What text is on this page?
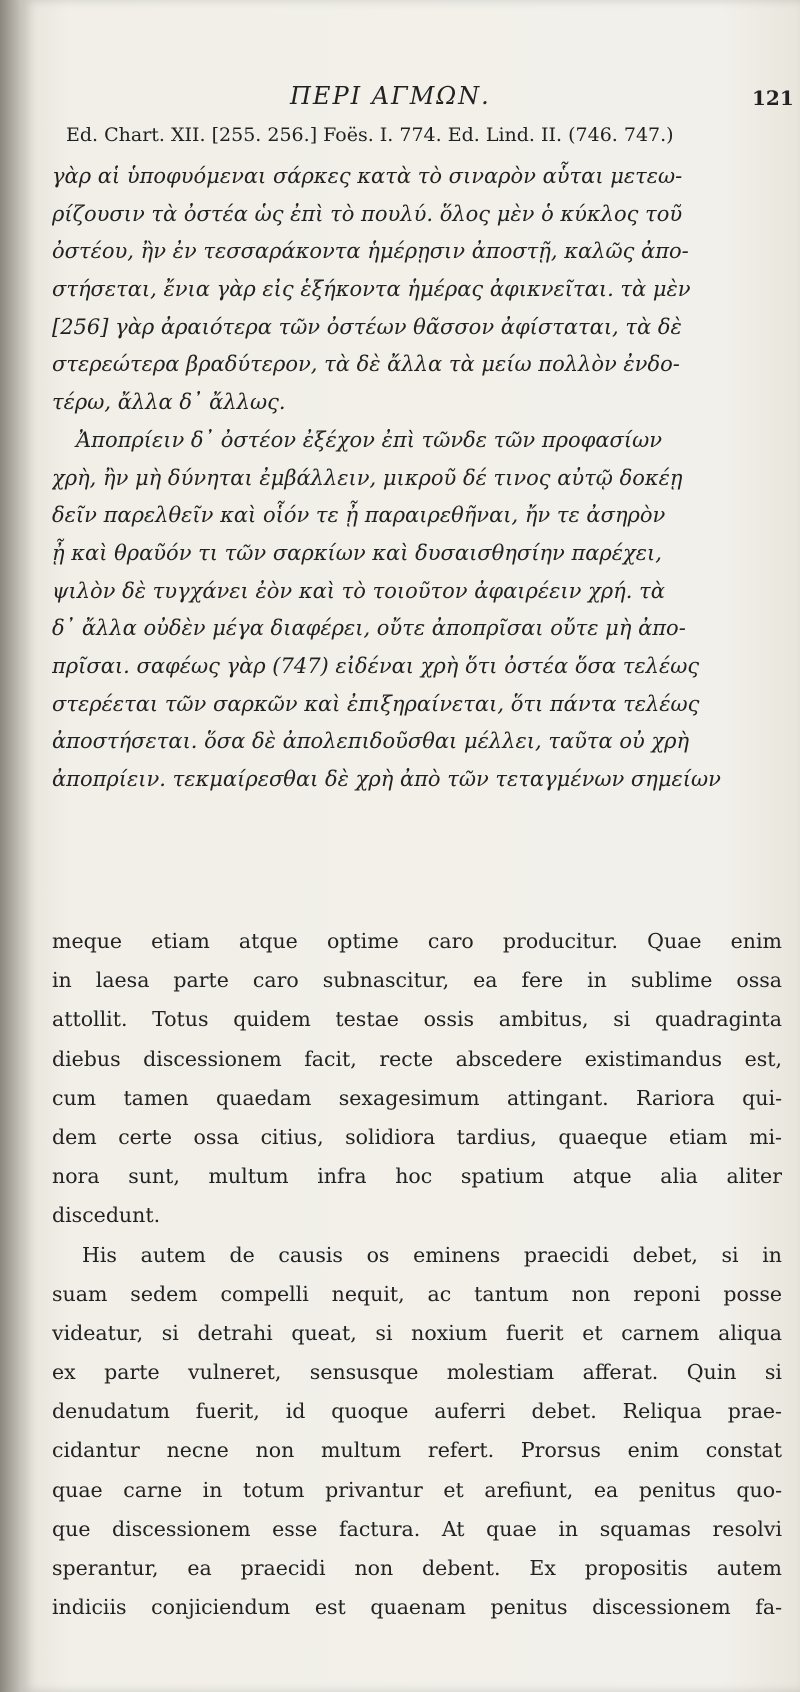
ΠΕΡΙ ΑΓΜΩΝ.	121
Ed. Chart. XII. [255. 256.] Foës. I. 774. Ed. Lind. II. (746. 747.)
γὰρ αἱ ὑποφυόμεναι σάρκες κατὰ τὸ σιναρὸν αὗται μετεω-
ρίζουσιν τὰ ὀστέα ὡς ἐπὶ τὸ πουλύ. ὅλος μὲν ὁ κύκλος τοῦ
ὀστέου, ἢν ἐν τεσσαράκοντα ἡμέρῃσιν ἀποστῇ, καλῶς ἀπο-
στήσεται, ἔνια γὰρ εἰς ἑξήκοντα ἡμέρας ἀφικνεῖται. τὰ μὲν
[256] γὰρ ἀραιότερα τῶν ὀστέων θᾶσσον ἀφίσταται, τὰ δὲ
στερεώτερα βραδύτερον, τὰ δὲ ἄλλα τὰ μείω πολλὸν ἐνδο-
τέρω, ἄλλα δ᾽ ἄλλως.
Ἀποπρίειν δ᾽ ὀστέον ἐξέχον ἐπὶ τῶνδε τῶν προφασίων
χρὴ, ἢν μὴ δύνηται ἐμβάλλειν, μικροῦ δέ τινος αὐτῷ δοκέῃ
δεῖν παρελθεῖν καὶ οἷόν τε ᾖ παραιρεθῆναι, ἤν τε ἀσηρὸν
ᾖ καὶ θραῦόν τι τῶν σαρκίων καὶ δυσαισθησίην παρέχει,
ψιλὸν δὲ τυγχάνει ἐὸν καὶ τὸ τοιοῦτον ἀφαιρέειν χρή. τὰ
δ᾽ ἄλλα οὐδὲν μέγα διαφέρει, οὔτε ἀποπρῖσαι οὔτε μὴ ἀπο-
πρῖσαι. σαφέως γὰρ (747) εἰδέναι χρὴ ὅτι ὀστέα ὅσα τελέως
στερέεται τῶν σαρκῶν καὶ ἐπιξηραίνεται, ὅτι πάντα τελέως
ἀποστήσεται. ὅσα δὲ ἀπολεπιδοῦσθαι μέλλει, ταῦτα οὐ χρὴ
ἀποπρίειν. τεκμαίρεσθαι δὲ χρὴ ἀπὸ τῶν τεταγμένων σημείων
meque etiam atque optime caro producitur. Quae enim
in laesa parte caro subnascitur, ea fere in sublime ossa
attollit. Totus quidem testae ossis ambitus, si quadraginta
diebus discessionem facit, recte abscedere existimandus est,
cum tamen quaedam sexagesimum attingant. Rariora qui-
dem certe ossa citius, solidiora tardius, quaeque etiam mi-
nora sunt, multum infra hoc spatium atque alia aliter
discedunt.
His autem de causis os eminens praecidi debet, si in
suam sedem compelli nequit, ac tantum non reponi posse
videatur, si detrahi queat, si noxium fuerit et carnem aliqua
ex parte vulneret, sensusque molestiam afferat. Quin si
denudatum fuerit, id quoque auferri debet. Reliqua prae-
cidantur necne non multum refert. Prorsus enim constat
quae carne in totum privantur et arefiunt, ea penitus quo-
que discessionem esse factura. At quae in squamas resolvi
sperantur, ea praecidi non debent. Ex propositis autem
indiciis conjiciendum est quaenam penitus discessionem fa-
